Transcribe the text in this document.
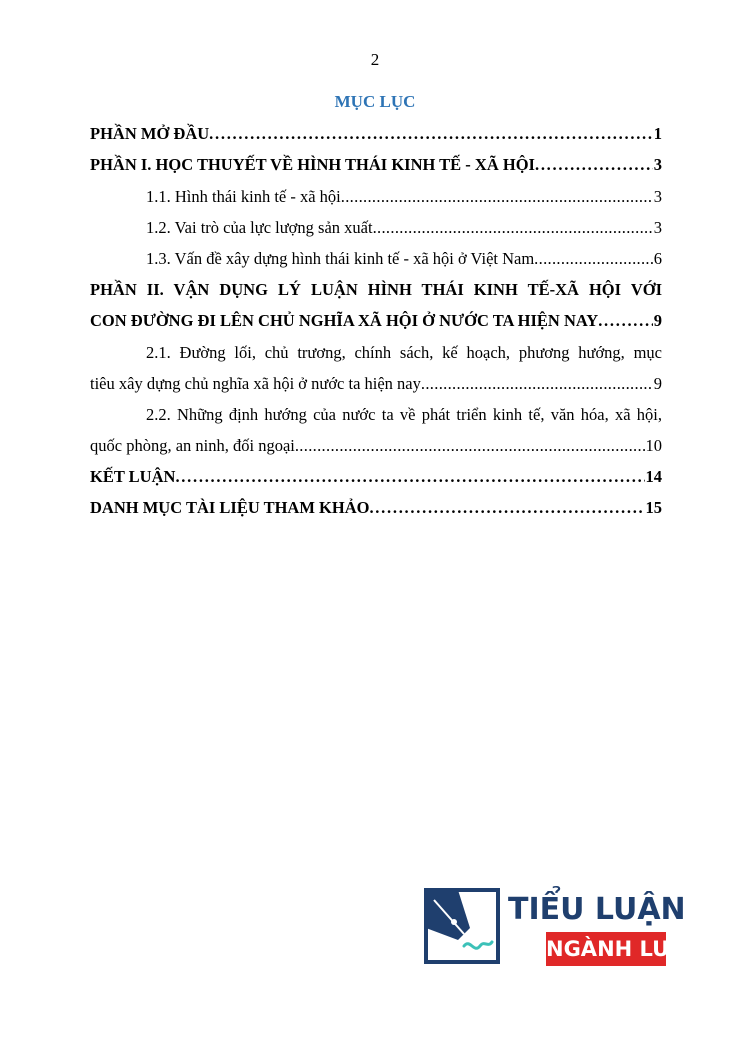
2
MỤC LỤC
PHẦN MỞ ĐẦU . . .	1
PHẦN I. HỌC THUYẾT VỀ HÌNH THÁI KINH TẾ - XÃ HỘI . . .	3
1.1. Hình thái kinh tế - xã hội . . .	3
1.2. Vai trò của lực lượng sản xuất . . .	3
1.3. Vấn đề xây dựng hình thái kinh tế - xã hội ở Việt Nam . . .	6
PHẦN II. VẬN DỤNG LÝ LUẬN HÌNH THÁI KINH TẾ-XÃ HỘI VỚI
CON ĐƯỜNG ĐI LÊN CHỦ NGHĨA XÃ HỘI Ở NƯỚC TA HIỆN NAY . . .	9
2.1. Đường lối, chủ trương, chính sách, kế hoạch, phương hướng, mục
tiêu xây dựng chủ nghĩa xã hội ở nước ta hiện nay . . .	9
2.2. Những định hướng của nước ta về phát triển kinh tế, văn hóa, xã hội,
quốc phòng, an ninh, đối ngoại . . .	10
KẾT LUẬN . . .	14
DANH MỤC TÀI LIỆU THAM KHẢO . . .	15
TIỂU LUẬN
NGÀNH LUẬT
